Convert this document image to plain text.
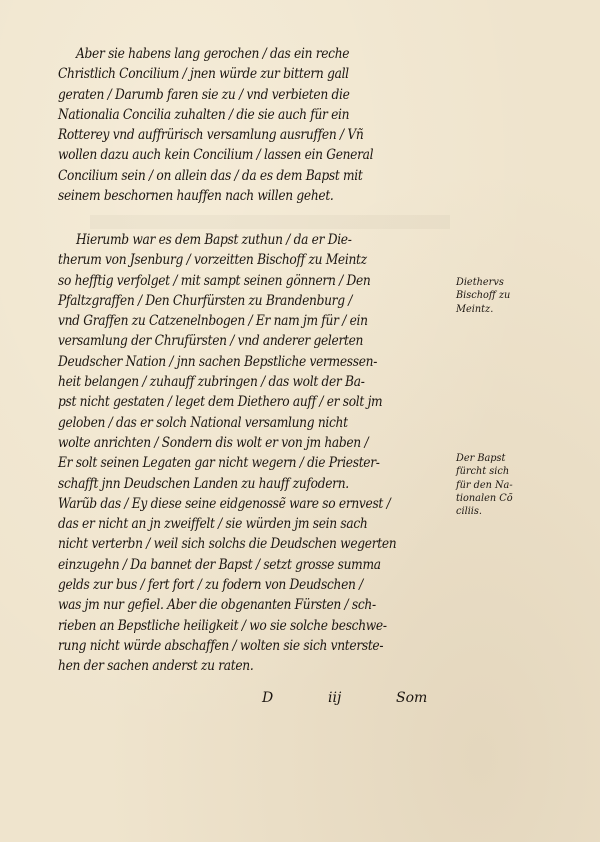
Aber sie habens lang gerochen / das ein reche
Christlich Concilium / jnen würde zur bittern gall
geraten / Darumb faren sie zu / vnd verbieten die
Nationalia Concilia zuhalten / die sie auch für ein
Rotterey vnd auffrürisch versamlung ausruffen / Vñ
wollen dazu auch kein Concilium / lassen ein General
Concilium sein / on allein das / da es dem Bapst mit
seinem beschornen hauffen nach willen gehet.
Hierumb war es dem Bapst zuthun / da er Die-
therum von Jsenburg / vorzeitten Bischoff zu Meintz
so hefftig verfolget / mit sampt seinen gönnern / Den
Pfaltzgraffen / Den Churfürsten zu Brandenburg /
vnd Graffen zu Catzenelnbogen / Er nam jm für / ein
versamlung der Chrufürsten / vnd anderer gelerten
Deudscher Nation / jnn sachen Bepstliche vermessen-
heit belangen / zuhauff zubringen / das wolt der Ba-
pst nicht gestaten / leget dem Diethero auff / er solt jm
geloben / das er solch National versamlung nicht
wolte anrichten / Sondern dis wolt er von jm haben /
Er solt seinen Legaten gar nicht wegern / die Priester-
schafft jnn Deudschen Landen zu hauff zufodern.
Warũb das / Ey diese seine eidgenossẽ ware so ernvest /
das er nicht an jn zweiffelt / sie würden jm sein sach
nicht verterbn / weil sich solchs die Deudschen wegerten
einzugehn / Da bannet der Bapst / setzt grosse summa
gelds zur bus / fert fort / zu fodern von Deudschen /
was jm nur gefiel. Aber die obgenanten Fürsten / sch-
rieben an Bepstliche heiligkeit / wo sie solche beschwe-
rung nicht würde abschaffen / wolten sie sich vnterste-
hen der sachen anderst zu raten.
Diethervs
Bischoff zu
Meintz.
Der Bapst
fürcht sich
für den Na-
tionalen Cõ
ciliis.
D	iij	Som
